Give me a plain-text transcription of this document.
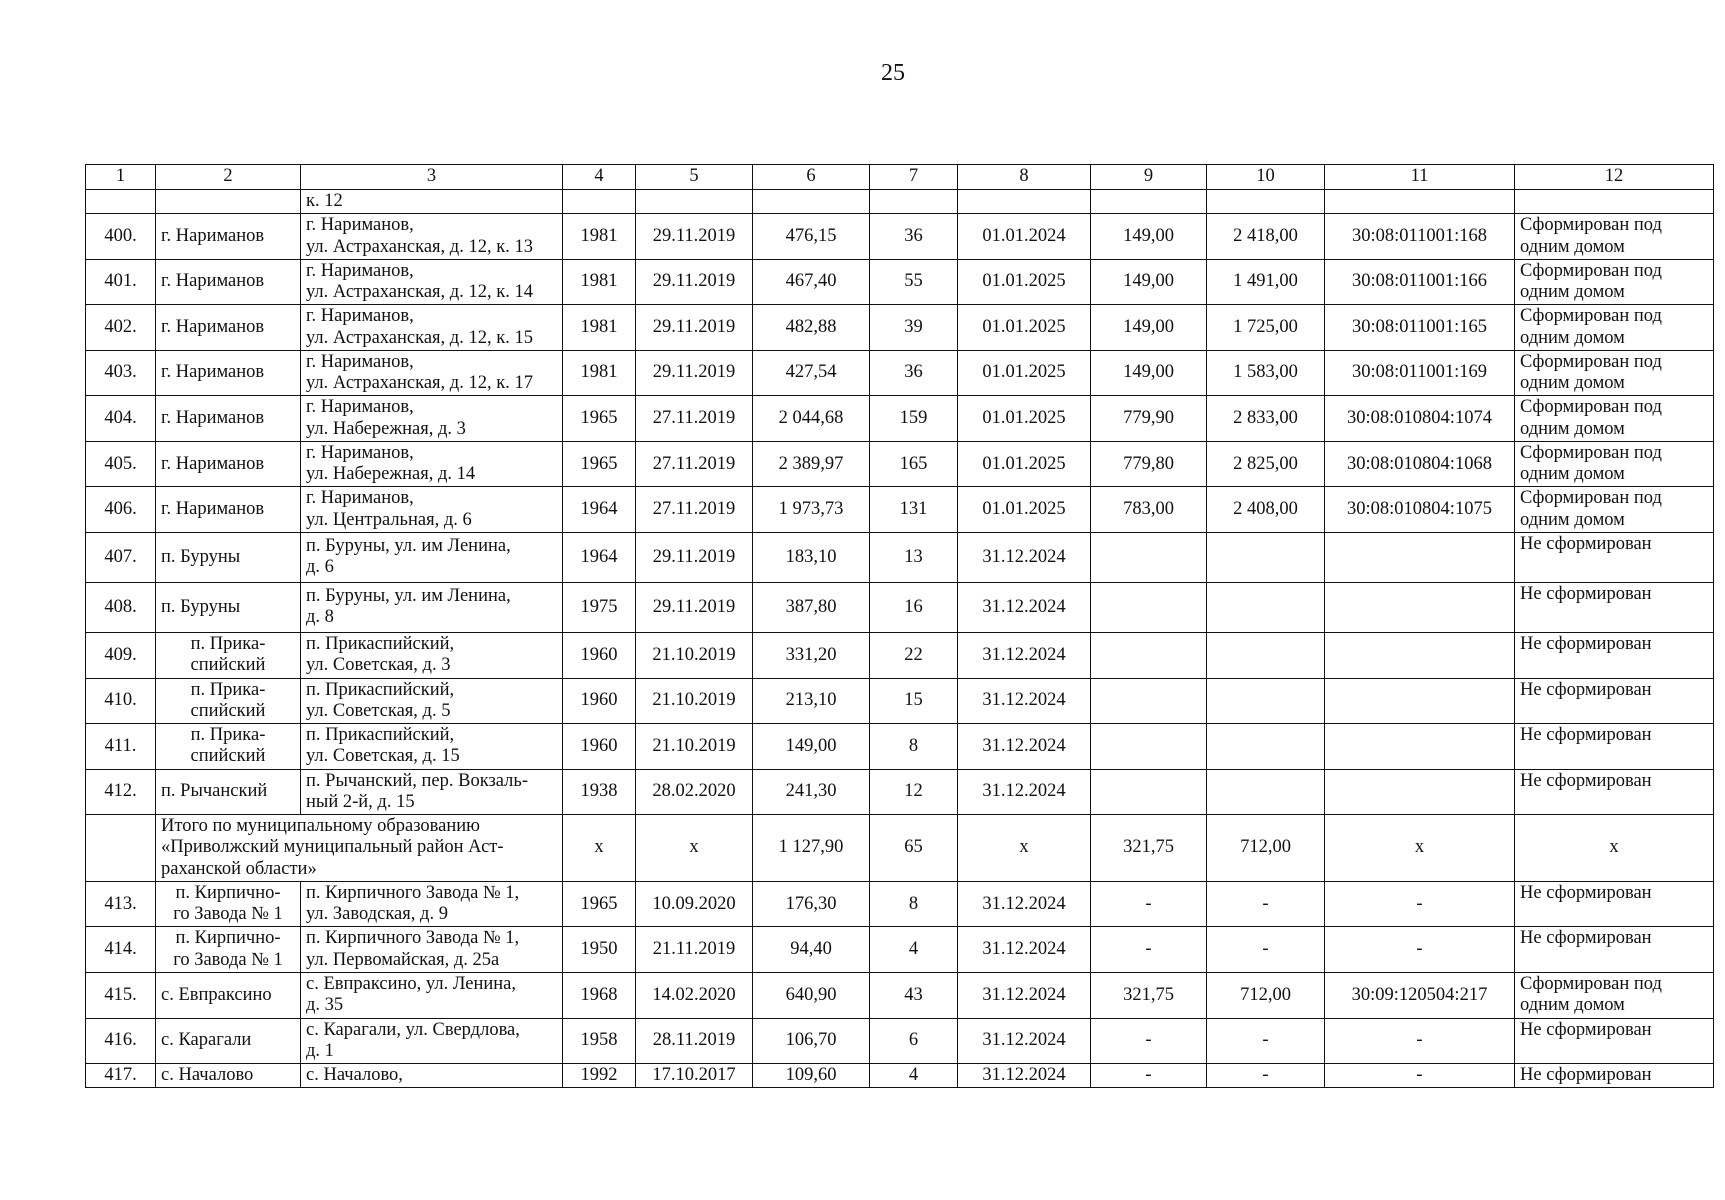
25
1	2	3	4	5	6	7	8	9	10	11	12
		к. 12									
400.	г. Нариманов	г. Нариманов,
ул. Астраханская, д. 12, к. 13	1981	29.11.2019	476,15	36	01.01.2024	149,00	2 418,00	30:08:011001:168	Сформирован под одним домом
401.	г. Нариманов	г. Нариманов,
ул. Астраханская, д. 12, к. 14	1981	29.11.2019	467,40	55	01.01.2025	149,00	1 491,00	30:08:011001:166	Сформирован под одним домом
402.	г. Нариманов	г. Нариманов,
ул. Астраханская, д. 12, к. 15	1981	29.11.2019	482,88	39	01.01.2025	149,00	1 725,00	30:08:011001:165	Сформирован под одним домом
403.	г. Нариманов	г. Нариманов,
ул. Астраханская, д. 12, к. 17	1981	29.11.2019	427,54	36	01.01.2025	149,00	1 583,00	30:08:011001:169	Сформирован под одним домом
404.	г. Нариманов	г. Нариманов,
ул. Набережная, д. 3	1965	27.11.2019	2 044,68	159	01.01.2025	779,90	2 833,00	30:08:010804:1074	Сформирован под одним домом
405.	г. Нариманов	г. Нариманов,
ул. Набережная, д. 14	1965	27.11.2019	2 389,97	165	01.01.2025	779,80	2 825,00	30:08:010804:1068	Сформирован под одним домом
406.	г. Нариманов	г. Нариманов,
ул. Центральная, д. 6	1964	27.11.2019	1 973,73	131	01.01.2025	783,00	2 408,00	30:08:010804:1075	Сформирован под одним домом
407.	п. Буруны	п. Буруны, ул. им Ленина,
д. 6	1964	29.11.2019	183,10	13	31.12.2024				Не сформирован
408.	п. Буруны	п. Буруны, ул. им Ленина,
д. 8	1975	29.11.2019	387,80	16	31.12.2024				Не сформирован
409.	п. Прика-
спийский	п. Прикаспийский,
ул. Советская, д. 3	1960	21.10.2019	331,20	22	31.12.2024				Не сформирован
410.	п. Прика-
спийский	п. Прикаспийский,
ул. Советская, д. 5	1960	21.10.2019	213,10	15	31.12.2024				Не сформирован
411.	п. Прика-
спийский	п. Прикаспийский,
ул. Советская, д. 15	1960	21.10.2019	149,00	8	31.12.2024				Не сформирован
412.	п. Рычанский	п. Рычанский, пер. Вокзаль-
ный 2-й, д. 15	1938	28.02.2020	241,30	12	31.12.2024				Не сформирован
	Итого по муниципальному образованию
«Приволжский муниципальный район Аст-
раханской области»		х	х	1 127,90	65	х	321,75	712,00	х	х
413.	п. Кирпично-
го Завода № 1	п. Кирпичного Завода № 1,
ул. Заводская, д. 9	1965	10.09.2020	176,30	8	31.12.2024	-	-	-	Не сформирован
414.	п. Кирпично-
го Завода № 1	п. Кирпичного Завода № 1,
ул. Первомайская, д. 25а	1950	21.11.2019	94,40	4	31.12.2024	-	-	-	Не сформирован
415.	с. Евпраксино	с. Евпраксино, ул. Ленина,
д. 35	1968	14.02.2020	640,90	43	31.12.2024	321,75	712,00	30:09:120504:217	Сформирован под одним домом
416.	с. Карагали	с. Карагали, ул. Свердлова,
д. 1	1958	28.11.2019	106,70	6	31.12.2024	-	-	-	Не сформирован
417.	с. Началово	с. Началово,	1992	17.10.2017	109,60	4	31.12.2024	-	-	-	Не сформирован
